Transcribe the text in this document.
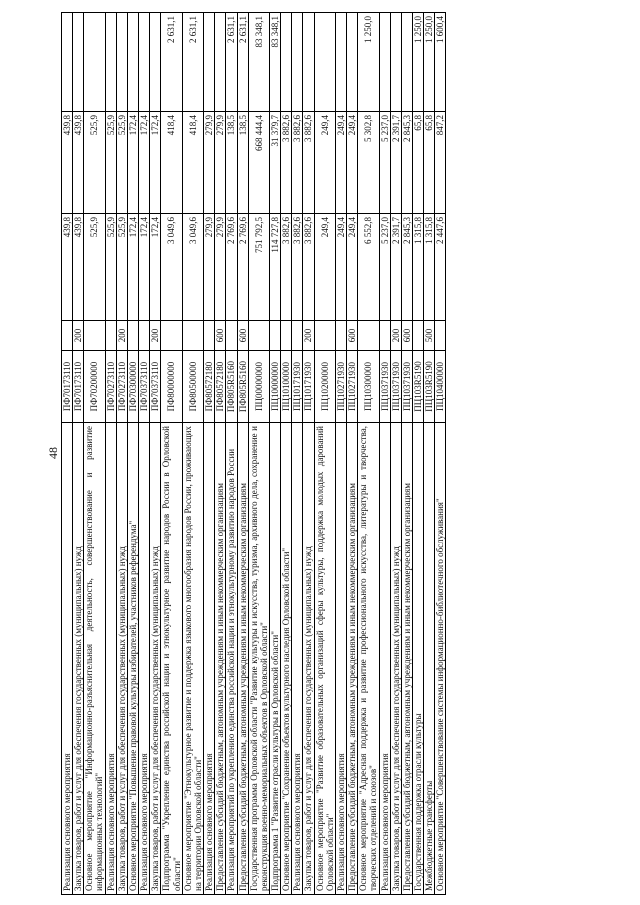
48
Реализация основного мероприятия	ПФ70173110		439,8	439,8	
Закупка товаров, работ и услуг для обеспечения государственных (муниципальных) нужд	ПФ70173110	200	439,8	439,8	
Основное мероприятие "Информационно-разъяснительная деятельность, совершенствование и развитие информационных технологий"	ПФ70200000		525,9	525,9	
Реализация основного мероприятия	ПФ70273110		525,9	525,9	
Закупка товаров, работ и услуг для обеспечения государственных (муниципальных) нужд	ПФ70273110	200	525,9	525,9	
Основное мероприятие "Повышение правовой культуры избирателей, участников референдума"	ПФ70300000		172,4	172,4	
Реализация основного мероприятия	ПФ70373110		172,4	172,4	
Закупка товаров, работ и услуг для обеспечения государственных (муниципальных) нужд	ПФ70373110	200	172,4	172,4	
Подпрограмма "Укрепление единства российской нации и этнокультурное развитие народов России в Орловской области"	ПФ80000000		3 049,6	418,4	2 631,1
Основное мероприятие "Этнокультурное развитие и поддержка языкового многообразия народов России, проживающих на территории Орловской области"	ПФ80500000		3 049,6	418,4	2 631,1
Реализация основного мероприятия	ПФ80572180		279,9	279,9	
Предоставление субсидий бюджетным, автономным учреждениям и иным некоммерческим организациям	ПФ80572180	600	279,9	279,9	
Реализация мероприятий по укреплению единства российской нации и этнокультурному развитию народов России	ПФ805R5160		2 769,6	138,5	2 631,1
Предоставление субсидий бюджетным, автономным учреждениям и иным некоммерческим организациям	ПФ805R5160	600	2 769,6	138,5	2 631,1
Государственная программа Орловской области "Развитие культуры и искусства, туризма, архивного дела, сохранение и реконструкция военно-мемориальных объектов в Орловской области"	ПЦ00000000		751 792,5	668 444,4	83 348,1
Подпрограмма 1 "Развитие отрасли культуры в Орловской области"	ПЦ10000000		114 727,8	31 379,7	83 348,1
Основное мероприятие "Сохранение объектов культурного наследия Орловской области"	ПЦ10100000		3 882,6	3 882,6	
Реализация основного мероприятия	ПЦ10171930		3 882,6	3 882,6	
Закупка товаров, работ и услуг для обеспечения государственных (муниципальных) нужд	ПЦ10171930	200	3 882,6	3 882,6	
Основное мероприятие "Развитие образовательных организаций сферы культуры, поддержка молодых дарований Орловской области"	ПЦ10200000		249,4	249,4	
Реализация основного мероприятия	ПЦ10271930		249,4	249,4	
Предоставление субсидий бюджетным, автономным учреждениям и иным некоммерческим организациям	ПЦ10271930	600	249,4	249,4	
Основное мероприятие "Адресная поддержка и развитие профессионального искусства, литературы и творчества, творческих отделений и союзов"	ПЦ10300000		6 552,8	5 302,8	1 250,0
Реализация основного мероприятия	ПЦ10371930		5 237,0	5 237,0	
Закупка товаров, работ и услуг для обеспечения государственных (муниципальных) нужд	ПЦ10371930	200	2 391,7	2 391,7	
Предоставление субсидий бюджетным, автономным учреждениям и иным некоммерческим организациям	ПЦ10371930	600	2 845,3	2 845,3	
Государственная поддержка отрасли культуры	ПЦ103R5190		1 315,8	65,8	1 250,0
Межбюджетные трансферты	ПЦ103R5190	500	1 315,8	65,8	1 250,0
Основное мероприятие "Совершенствование системы информационно-библиотечного обслуживания"	ПЦ10400000		2 447,6	847,2	1 600,4
